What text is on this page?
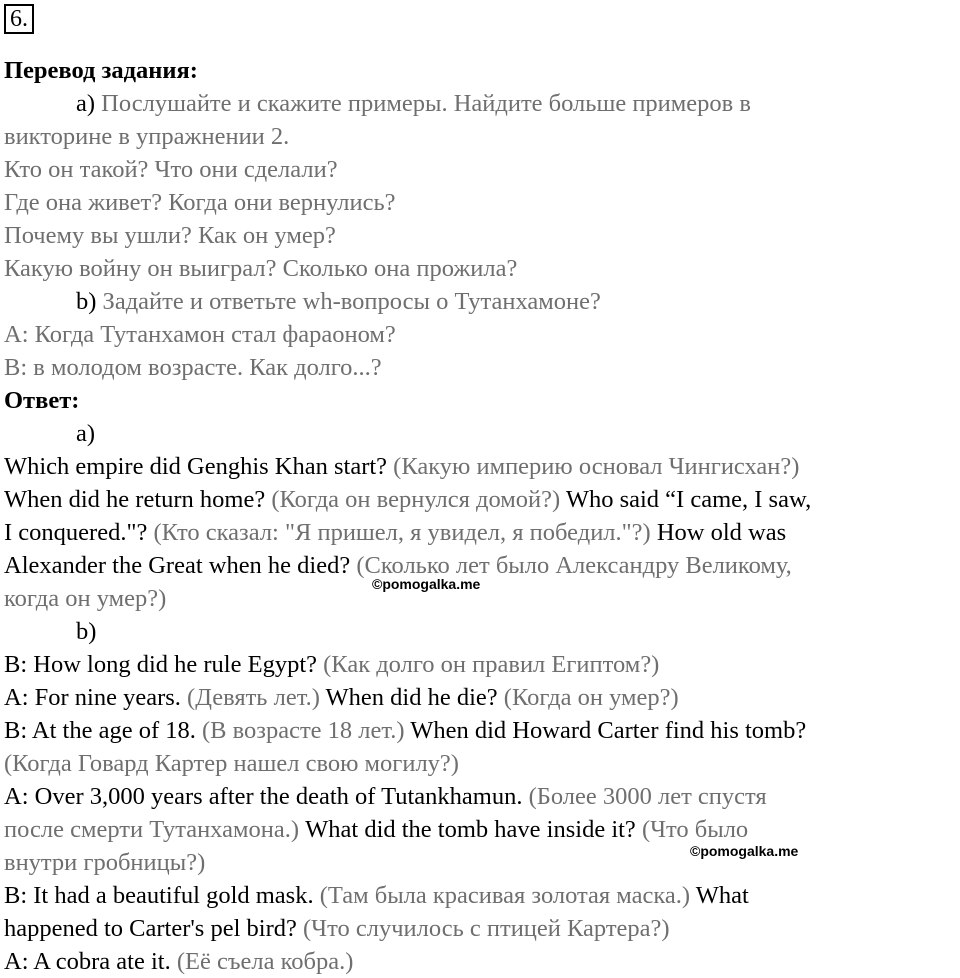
6.
Перевод задания:
a) Послушайте и скажите примеры. Найдите больше примеров в
викторине в упражнении 2.
Кто он такой? Что они сделали?
Где она живет? Когда они вернулись?
Почему вы ушли? Как он умер?
Какую войну он выиграл? Сколько она прожила?
b) Задайте и ответьте wh-вопросы о Тутанхамоне?
A: Когда Тутанхамон стал фараоном?
B: в молодом возрасте. Как долго...?
Ответ:
a)
Which empire did Genghis Khan start? (Какую империю основал Чингисхан?)
When did he return home? (Когда он вернулся домой?) Who said “I came, I saw,
I conquered."? (Кто сказал: "Я пришел, я увидел, я победил."?) How old was
Alexander the Great when he died? (Сколько лет было Александру Великому,
когда он умер?)
b)
B: How long did he rule Egypt? (Как долго он правил Египтом?)
A: For nine years. (Девять лет.) When did he die? (Когда он умер?)
B: At the age of 18. (В возрасте 18 лет.) When did Howard Carter find his tomb?
(Когда Говард Картер нашел свою могилу?)
A: Over 3,000 years after the death of Tutankhamun. (Более 3000 лет спустя
после смерти Тутанхамона.) What did the tomb have inside it? (Что было
внутри гробницы?)
B: It had a beautiful gold mask. (Там была красивая золотая маска.) What
happened to Carter's pel bird? (Что случилось с птицей Картера?)
A: A cobra ate it. (Её съела кобра.)
©pomogalka.me
©pomogalka.me
